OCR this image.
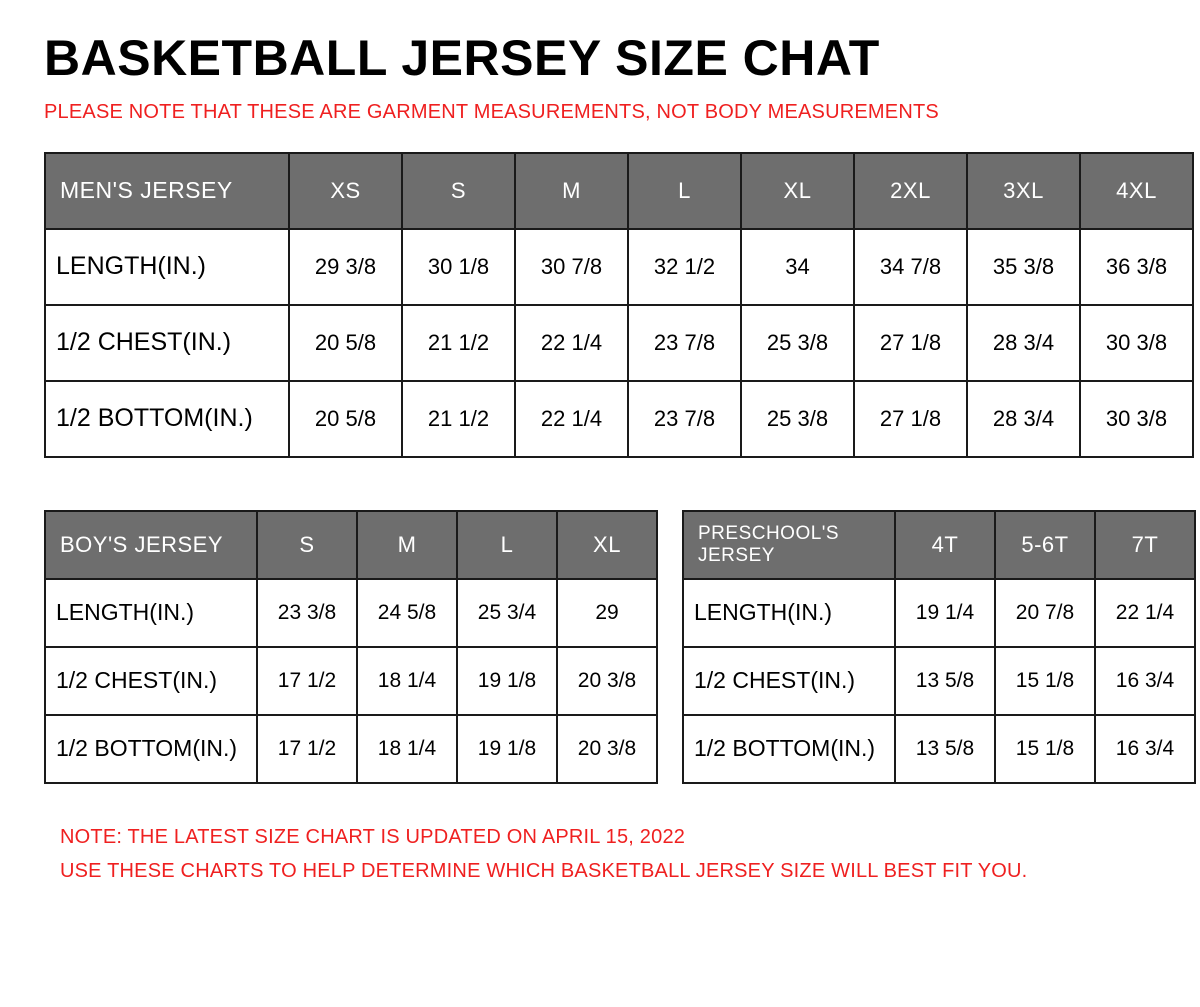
BASKETBALL JERSEY SIZE CHAT

PLEASE NOTE THAT THESE ARE GARMENT MEASUREMENTS, NOT BODY MEASUREMENTS

MEN'S JERSEY	XS	S	M	L	XL	2XL	3XL	4XL
LENGTH(IN.)	29 3/8	30 1/8	30 7/8	32 1/2	34	34 7/8	35 3/8	36 3/8
1/2 CHEST(IN.)	20 5/8	21 1/2	22 1/4	23 7/8	25 3/8	27 1/8	28 3/4	30 3/8
1/2 BOTTOM(IN.)	20 5/8	21 1/2	22 1/4	23 7/8	25 3/8	27 1/8	28 3/4	30 3/8
BOY'S JERSEY	S	M	L	XL
LENGTH(IN.)	23 3/8	24 5/8	25 3/4	29
1/2 CHEST(IN.)	17 1/2	18 1/4	19 1/8	20 3/8
1/2 BOTTOM(IN.)	17 1/2	18 1/4	19 1/8	20 3/8
PRESCHOOL'S JERSEY	4T	5-6T	7T
LENGTH(IN.)	19 1/4	20 7/8	22 1/4
1/2 CHEST(IN.)	13 5/8	15 1/8	16 3/4
1/2 BOTTOM(IN.)	13 5/8	15 1/8	16 3/4
NOTE: THE LATEST SIZE CHART IS UPDATED ON APRIL 15, 2022
USE THESE CHARTS TO HELP DETERMINE WHICH BASKETBALL JERSEY SIZE WILL BEST FIT YOU.
